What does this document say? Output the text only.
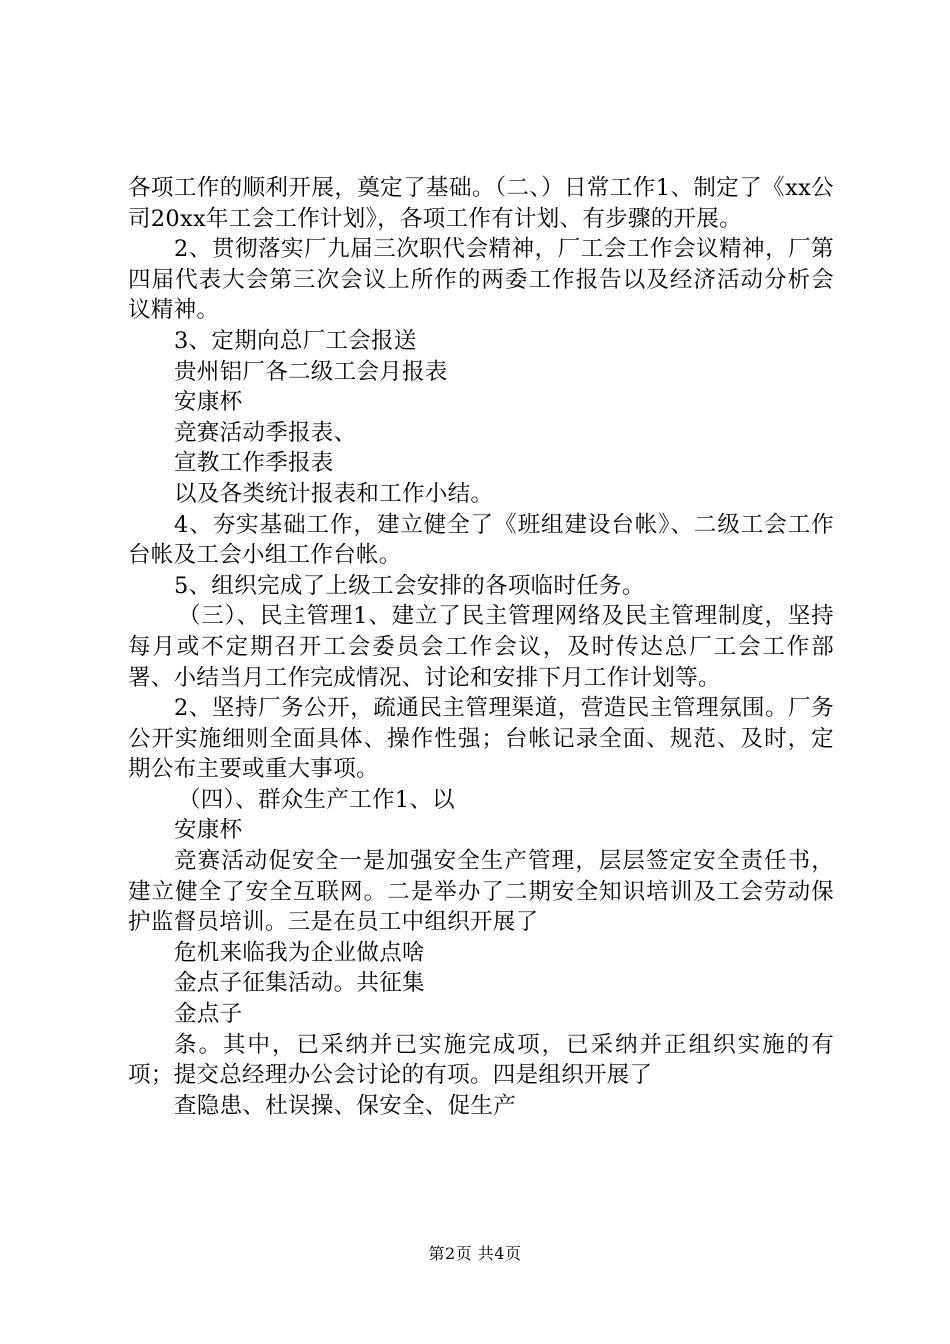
各项工作的顺利开展，奠定了基础。（二、）日常工作1、制定了《xx公司20xx年工会工作计划》，各项工作有计划、有步骤的开展。

2、贯彻落实厂九届三次职代会精神，厂工会工作会议精神，厂第四届代表大会第三次会议上所作的两委工作报告以及经济活动分析会议精神。

3、定期向总厂工会报送

贵州铝厂各二级工会月报表

安康杯

竞赛活动季报表、

宣教工作季报表

以及各类统计报表和工作小结。

4、夯实基础工作，建立健全了《班组建设台帐》、二级工会工作台帐及工会小组工作台帐。

5、组织完成了上级工会安排的各项临时任务。

（三）、民主管理1、建立了民主管理网络及民主管理制度，坚持每月或不定期召开工会委员会工作会议，及时传达总厂工会工作部署、小结当月工作完成情况、讨论和安排下月工作计划等。

2、坚持厂务公开，疏通民主管理渠道，营造民主管理氛围。厂务公开实施细则全面具体、操作性强；台帐记录全面、规范、及时，定期公布主要或重大事项。

（四）、群众生产工作1、以

安康杯

竞赛活动促安全一是加强安全生产管理，层层签定安全责任书，建立健全了安全互联网。二是举办了二期安全知识培训及工会劳动保护监督员培训。三是在员工中组织开展了

危机来临我为企业做点啥

金点子征集活动。共征集

金点子

条。其中，已采纳并已实施完成项，已采纳并正组织实施的有项；提交总经理办公会讨论的有项。四是组织开展了

查隐患、杜误操、保安全、促生产

第2页 共4页
